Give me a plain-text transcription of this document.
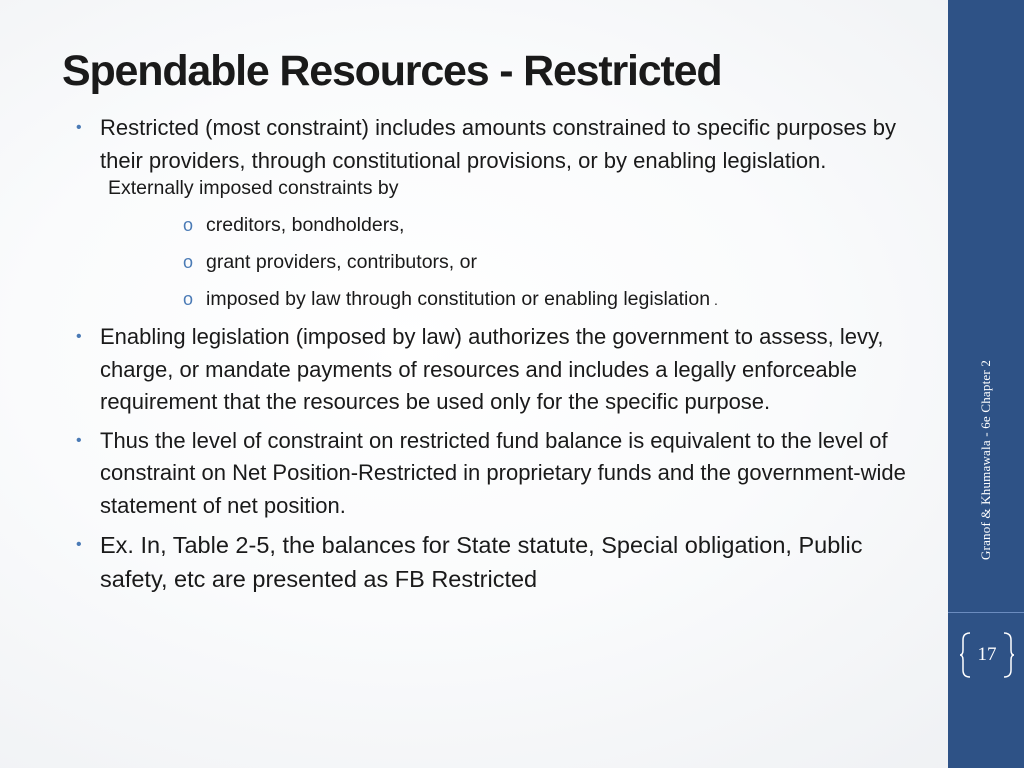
Spendable Resources - Restricted
• Restricted (most constraint) includes amounts constrained to specific purposes by their providers, through constitutional provisions, or by enabling legislation.
Externally imposed constraints by
o creditors, bondholders,
o grant providers, contributors, or
o imposed by law through constitution or enabling legislation .
• Enabling legislation (imposed by law) authorizes the government to assess, levy, charge, or mandate payments of resources and includes a legally enforceable requirement that the resources be used only for the specific purpose.
• Thus the level of constraint on restricted fund balance is equivalent to the level of constraint on Net Position-Restricted in proprietary funds and the government-wide statement of net position.
• Ex. In, Table 2-5, the balances for State statute, Special obligation, Public safety, etc are presented as FB Restricted
Granof & Khumawala - 6e Chapter 2
17
